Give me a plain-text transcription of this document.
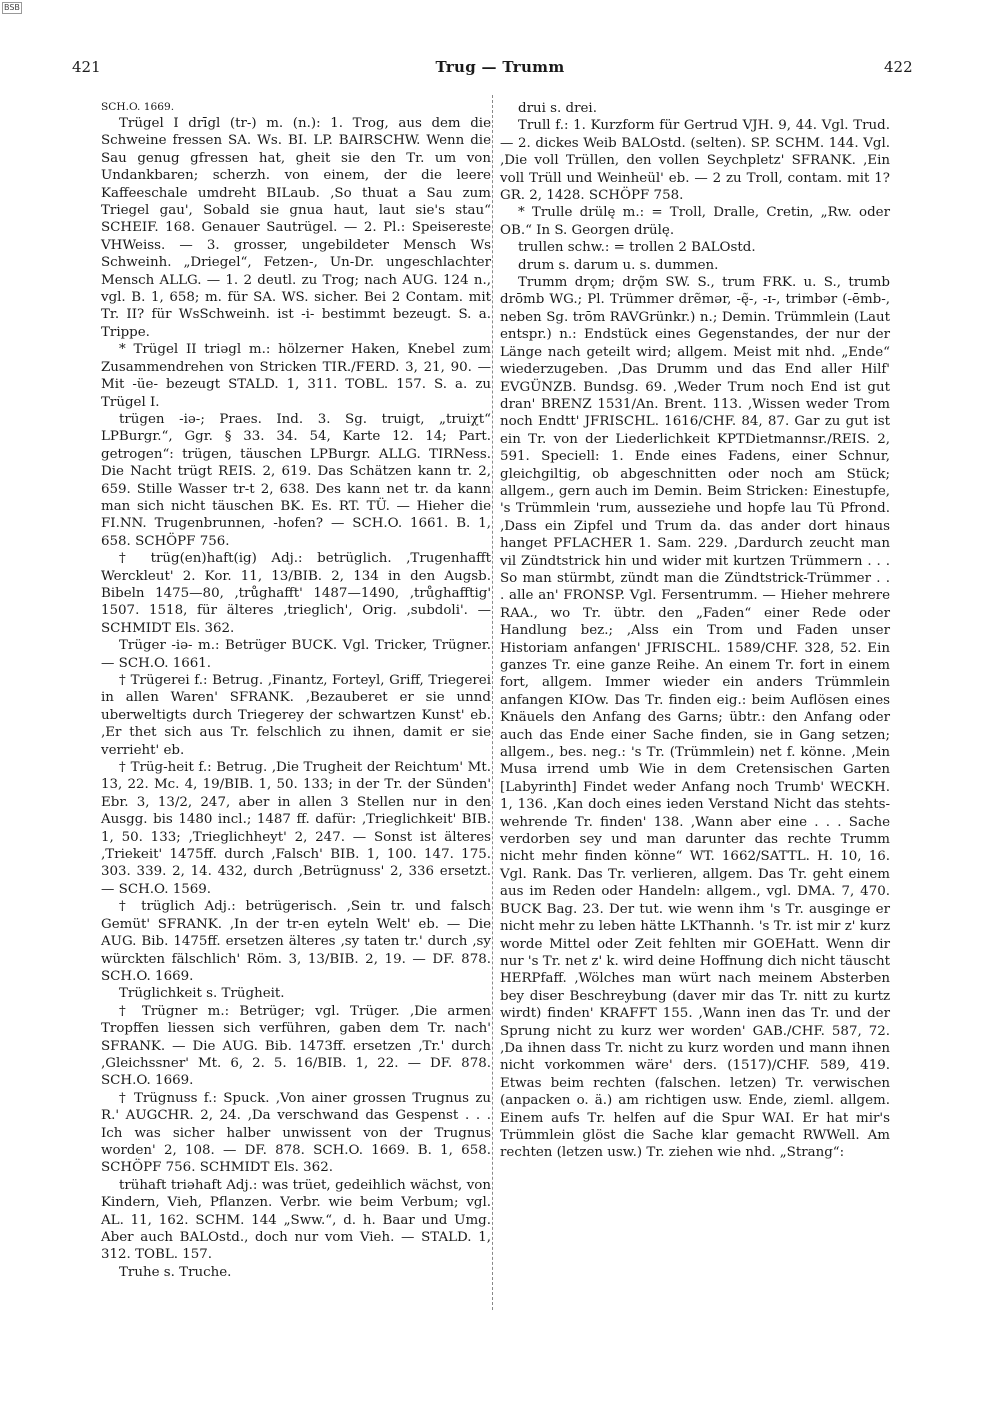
BSB
421	Trug — Trumm	422

SCH.O. 1669.

Trügel I drīgl (tr-) m. (n.): 1. Trog, aus dem die Schweine fressen SA. Ws. BI. LP. BAIRSCHW. Wenn die Sau genug gfressen hat, gheit sie den Tr. um von Undankbaren; scherzh. von einem, der die leere Kaffeeschale umdreht BILaub. ‚So thuat a Sau zum Triegel gau', Sobald sie gnua haut, laut sie's stau“ SCHEIF. 168. Genauer Sautrügel. — 2. Pl.: Speisereste VHWeiss. — 3. grosser, ungebildeter Mensch Ws Schweinh. „Driegel“, Fetzen-, Un-Dr. ungeschlachter Mensch ALLG. — 1. 2 deutl. zu Trog; nach AUG. 124 n., vgl. B. 1, 658; m. für SA. WS. sicher. Bei 2 Contam. mit Tr. II? für WsSchweinh. ist -i- bestimmt bezeugt. S. a. Trippe.

* Trügel II triəgl m.: hölzerner Haken, Knebel zum Zusammendrehen von Stricken TIR./FERD. 3, 21, 90. — Mit -üe- bezeugt STALD. 1, 311. TOBL. 157. S. a. zu Trügel I.

trügen -iə-; Praes. Ind. 3. Sg. truigt, „truiχt“ LPBurgr.“, Ggr. § 33. 34. 54, Karte 12. 14; Part. getrogen“: trügen, täuschen LPBurgr. ALLG. TIRNess. Die Nacht trügt REIS. 2, 619. Das Schätzen kann tr. 2, 659. Stille Wasser tr-t 2, 638. Des kann net tr. da kann man sich nicht täuschen BK. Es. RT. TÜ. — Hieher die FI.NN. Trugenbrunnen, -hofen? — SCH.O. 1661. B. 1, 658. SCHÖPF 756.

† trüg(en)haft(ig) Adj.: betrüglich. ‚Trugenhafft Werckleut' 2. Kor. 11, 13/BIB. 2, 134 in den Augsb. Bibeln 1475—80, ‚trůghafft' 1487—1490, ‚trůghafftig' 1507. 1518, für älteres ‚trieglich', Orig. ‚subdoli'. — SCHMIDT Els. 362.

Trüger -iə- m.: Betrüger BUCK. Vgl. Tricker, Trügner. — SCH.O. 1661.

† Trügerei f.: Betrug. ‚Finantz, Forteyl, Griff, Triegerei in allen Waren' SFRANK. ‚Bezauberet er sie unnd uberweltigts durch Triegerey der schwartzen Kunst' eb. ‚Er thet sich aus Tr. felschlich zu ihnen, damit er sie verrieht' eb.

† Trüg-heit f.: Betrug. ‚Die Trugheit der Reichtum' Mt. 13, 22. Mc. 4, 19/BIB. 1, 50. 133; in der Tr. der Sünden' Ebr. 3, 13/2, 247, aber in allen 3 Stellen nur in den Ausgg. bis 1480 incl.; 1487 ff. dafür: ‚Trieglichkeit' BIB. 1, 50. 133; ‚Trieglichheyt' 2, 247. — Sonst ist älteres ‚Triekeit' 1475ff. durch ‚Falsch' BIB. 1, 100. 147. 175. 303. 339. 2, 14. 432, durch ‚Betrügnuss' 2, 336 ersetzt. — SCH.O. 1569.

† trüglich Adj.: betrügerisch. ‚Sein tr. und falsch Gemüt' SFRANK. ‚In der tr-en eyteln Welt' eb. — Die AUG. Bib. 1475ff. ersetzen älteres ‚sy taten tr.' durch ‚sy würckten fälschlich' Röm. 3, 13/BIB. 2, 19. — DF. 878. SCH.O. 1669.

Trüglichkeit s. Trügheit.

† Trügner m.: Betrüger; vgl. Trüger. ‚Die armen Tropffen liessen sich verführen, gaben dem Tr. nach' SFRANK. — Die AUG. Bib. 1473ff. ersetzen ‚Tr.' durch ‚Gleichssner' Mt. 6, 2. 5. 16/BIB. 1, 22. — DF. 878. SCH.O. 1669.

† Trügnuss f.: Spuck. ‚Von ainer grossen Trugnus zu R.' AUGCHR. 2, 24. ‚Da verschwand das Gespenst . . . Ich was sicher halber unwissent von der Trugnus worden' 2, 108. — DF. 878. SCH.O. 1669. B. 1, 658. SCHÖPF 756. SCHMIDT Els. 362.

trühaft triəhaft Adj.: was trüet, gedeihlich wächst, von Kindern, Vieh, Pflanzen. Verbr. wie beim Verbum; vgl. AL. 11, 162. SCHM. 144 „Sww.“, d. h. Baar und Umg. Aber auch BALOstd., doch nur vom Vieh. — STALD. 1, 312. TOBL. 157.

Truhe s. Truche.

drui s. drei.

Trull f.: 1. Kurzform für Gertrud VJH. 9, 44. Vgl. Trud. — 2. dickes Weib BALOstd. (selten). SP. SCHM. 144. Vgl. ‚Die voll Trüllen, den vollen Seychpletz' SFRANK. ‚Ein voll Trüll und Weinheül' eb. — 2 zu Troll, contam. mit 1? GR. 2, 1428. SCHÖPF 758.

* Trulle drülę m.: = Troll, Dralle, Cretin, „Rw. oder OB.“ In S. Georgen drülę.

trullen schw.: = trollen 2 BALOstd.

drum s. darum u. s. dummen.

Trumm drǫm; drǫ̃m SW. S., trum FRK. u. S., trumb drōmb WG.; Pl. Trümmer drẽmər, -ę̃-, -ɪ-, trimbər (-ēmb-, neben Sg. trōm RAVGrünkr.) n.; Demin. Trümmlein (Laut entspr.) n.: Endstück eines Gegenstandes, der nur der Länge nach geteilt wird; allgem. Meist mit nhd. „Ende“ wiederzugeben. ‚Das Drumm und das End aller Hilf' EVGÜNZB. Bundsg. 69. ‚Weder Trum noch End ist gut dran' BRENZ 1531/An. Brent. 113. ‚Wissen weder Trom noch Endtt' JFRISCHL. 1616/CHF. 84, 87. Gar zu gut ist ein Tr. von der Liederlichkeit KPTDietmannsr./REIS. 2, 591. Speciell: 1. Ende eines Fadens, einer Schnur, gleichgiltig, ob abgeschnitten oder noch am Stück; allgem., gern auch im Demin. Beim Stricken: Einestupfe, 's Trümmlein 'rum, ausseziehe und hopfe lau Tü Pfrond. ‚Dass ein Zipfel und Trum da. das ander dort hinaus hanget PFLACHER 1. Sam. 229. ‚Dardurch zeucht man vil Zündtstrick hin und wider mit kurtzen Trümmern . . . So man stürmbt, zündt man die Zündtstrick-Trümmer . . . alle an' FRONSP. Vgl. Fersentrumm. — Hieher mehrere RAA., wo Tr. übtr. den „Faden“ einer Rede oder Handlung bez.; ‚Alss ein Trom und Faden unser Historiam anfangen' JFRISCHL. 1589/CHF. 328, 52. Ein ganzes Tr. eine ganze Reihe. An einem Tr. fort in einem fort, allgem. Immer wieder ein anders Trümmlein anfangen KIOw. Das Tr. finden eig.: beim Auflösen eines Knäuels den Anfang des Garns; übtr.: den Anfang oder auch das Ende einer Sache finden, sie in Gang setzen; allgem., bes. neg.: 's Tr. (Trümmlein) net f. könne. ‚Mein Musa irrend umb Wie in dem Cretensischen Garten [Labyrinth] Findet weder Anfang noch Trumb' WECKH. 1, 136. ‚Kan doch eines ieden Verstand Nicht das stehts-wehrende Tr. finden' 138. ‚Wann aber eine . . . Sache verdorben sey und man darunter das rechte Trumm nicht mehr finden könne“ WT. 1662/SATTL. H. 10, 16. Vgl. Rank. Das Tr. verlieren, allgem. Das Tr. geht einem aus im Reden oder Handeln: allgem., vgl. DMA. 7, 470. BUCK Bag. 23. Der tut. wie wenn ihm 's Tr. ausginge er nicht mehr zu leben hätte LKThannh. 's Tr. ist mir z' kurz worde Mittel oder Zeit fehlten mir GOEHatt. Wenn dir nur 's Tr. net z' k. wird deine Hoffnung dich nicht täuscht HERPfaff. ‚Wölches man würt nach meinem Absterben bey diser Beschreybung (daver mir das Tr. nitt zu kurtz wirdt) finden' KRAFFT 155. ‚Wann inen das Tr. und der Sprung nicht zu kurz wer worden' GAB./CHF. 587, 72. ‚Da ihnen dass Tr. nicht zu kurz worden und mann ihnen nicht vorkommen wäre' ders. (1517)/CHF. 589, 419. Etwas beim rechten (falschen. letzen) Tr. verwischen (anpacken o. ä.) am richtigen usw. Ende, zieml. allgem. Einem aufs Tr. helfen auf die Spur WAI. Er hat mir's Trümmlein glöst die Sache klar gemacht RWWell. Am rechten (letzen usw.) Tr. ziehen wie nhd. „Strang“:
